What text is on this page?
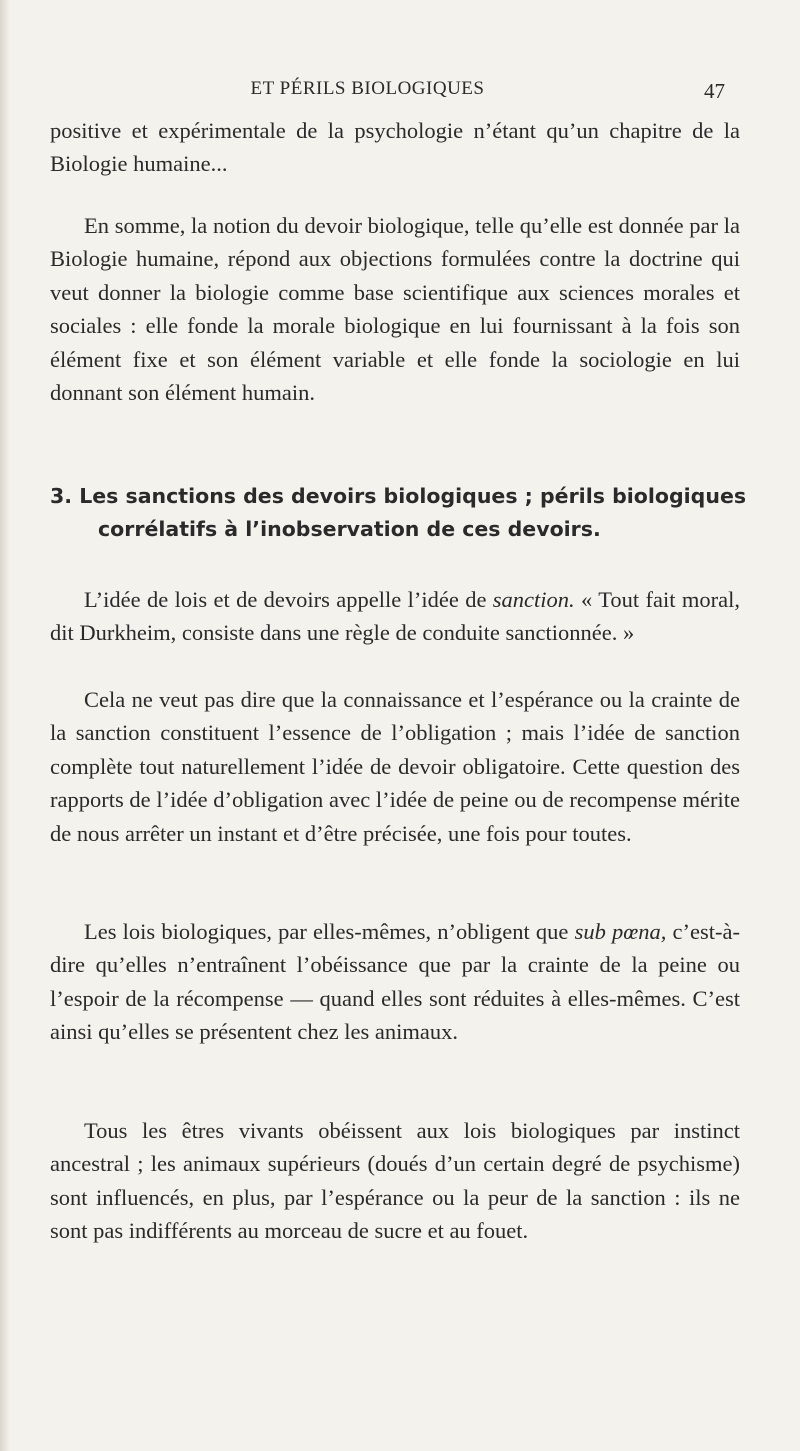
ET PÉRILS BIOLOGIQUES	47

positive et expérimentale de la psychologie n’étant qu’un chapitre de la Biologie humaine...

En somme, la notion du devoir biologique, telle qu’elle est donnée par la Biologie humaine, répond aux objections formulées contre la doctrine qui veut donner la biologie comme base scientifique aux sciences morales et sociales : elle fonde la morale biologique en lui fournissant à la fois son élément fixe et son élément variable et elle fonde la sociologie en lui donnant son élément humain.

3. Les sanctions des devoirs biologiques ; périls biologiques
corrélatifs à l’inobservation de ces devoirs.

L’idée de lois et de devoirs appelle l’idée de sanction. « Tout fait moral, dit Durkheim, consiste dans une règle de conduite sanctionnée. »

Cela ne veut pas dire que la connaissance et l’espérance ou la crainte de la sanction constituent l’essence de l’obligation ; mais l’idée de sanction complète tout naturellement l’idée de devoir obligatoire. Cette question des rapports de l’idée d’obligation avec l’idée de peine ou de recompense mérite de nous arrêter un instant et d’être précisée, une fois pour toutes.

Les lois biologiques, par elles-mêmes, n’obligent que sub pœna, c’est-à-dire qu’elles n’entraînent l’obéissance que par la crainte de la peine ou l’espoir de la récompense — quand elles sont réduites à elles-mêmes. C’est ainsi qu’elles se présentent chez les animaux.

Tous les êtres vivants obéissent aux lois biologiques par instinct ancestral ; les animaux supérieurs (doués d’un certain degré de psychisme) sont influencés, en plus, par l’espérance ou la peur de la sanction : ils ne sont pas indifférents au morceau de sucre et au fouet.
